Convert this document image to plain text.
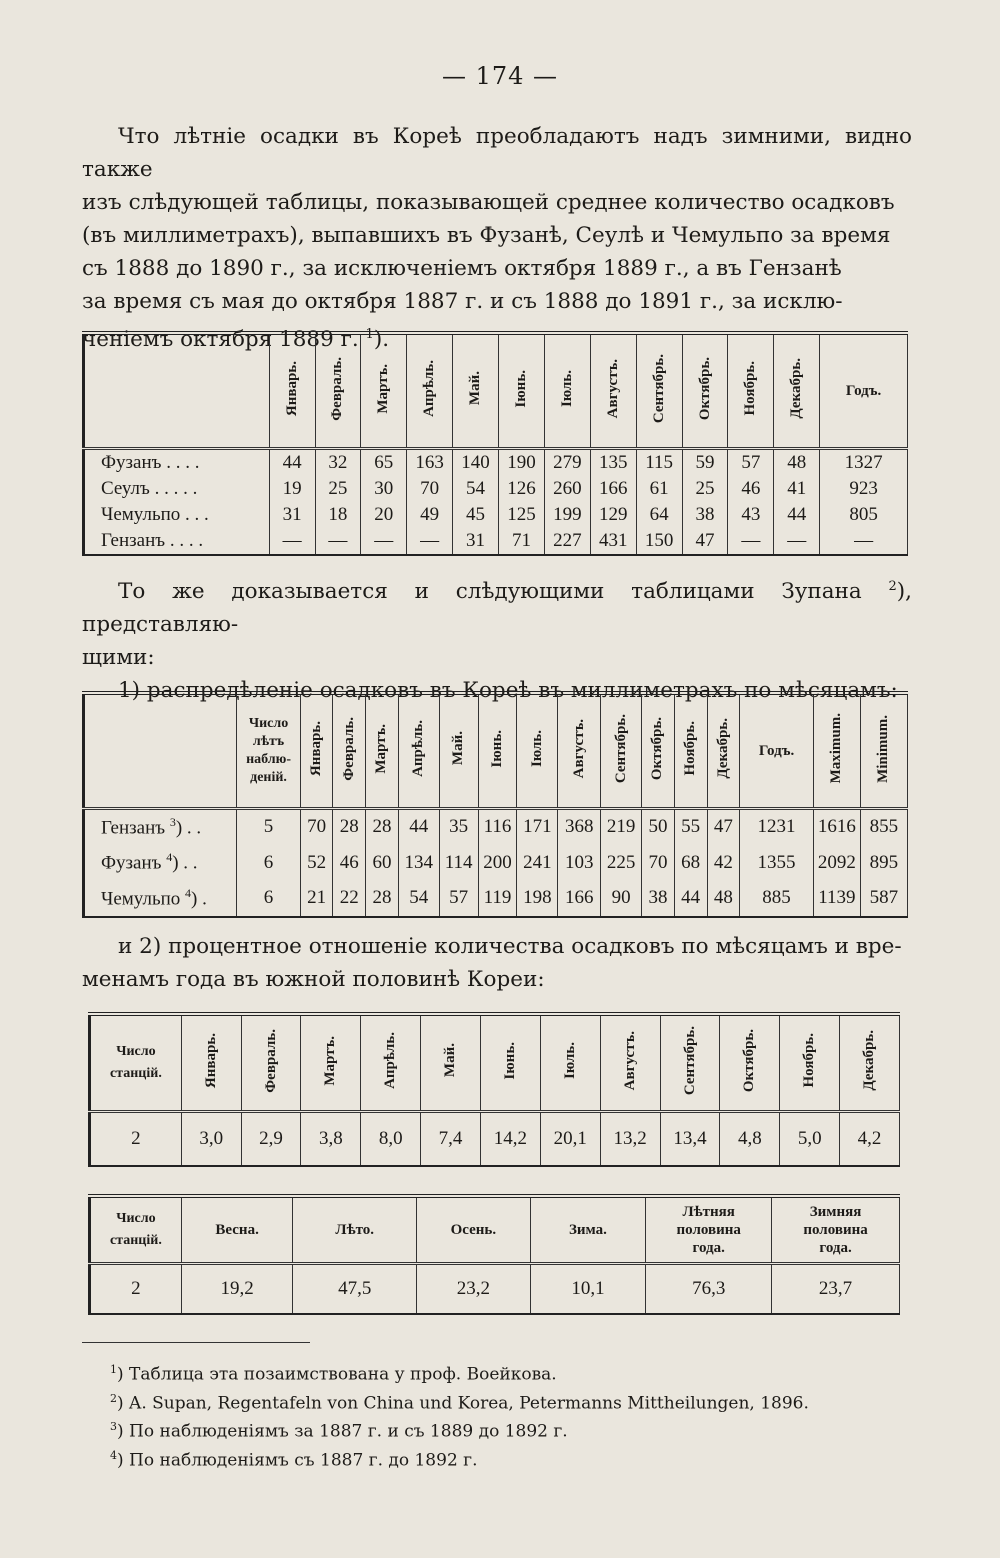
— 174 —
Что лѣтніе осадки въ Кореѣ преобладаютъ надъ зимними, видно также
изъ слѣдующей таблицы, показывающей среднее количество осадковъ
(въ миллиметрахъ), выпавшихъ въ Фузанѣ, Сеулѣ и Чемульпо за время
съ 1888 до 1890 г., за исключеніемъ октября 1889 г., а въ Гензанѣ
за время съ мая до октября 1887 г. и съ 1888 до 1891 г., за исклю-
ченіемъ октября 1889 г. $^1$).
	Январь.	Февраль.	Мартъ.	Апрѣль.	Май.	Іюнь.	Іюль.	Августъ.	Сентябрь.	Октябрь.	Ноябрь.	Декабрь.	Годъ.
Фузанъ . . . .	44	32	65	163	140	190	279	135	115	59	57	48	1327
Сеулъ . . . . .	19	25	30	70	54	126	260	166	61	25	46	41	923
Чемульпо . . .	31	18	20	49	45	125	199	129	64	38	43	44	805
Гензанъ . . . .	—	—	—	—	31	71	227	431	150	47	—	—	—
То же доказывается и слѣдующими таблицами Зупана $^2$), представляю-
щими:
1) распредѣленіе осадковъ въ Кореѣ въ миллиметрахъ по мѣсяцамъ:
	Число лѣтъ наблю-деній.	Январь.	Февраль.	Мартъ.	Апрѣль.	Май.	Іюнь.	Іюль.	Августъ.	Сентябрь.	Октябрь.	Ноябрь.	Декабрь.	Годъ.	Maximum.	Minimum.
Гензанъ $^3$) . .	5	70	28	28	44	35	116	171	368	219	50	55	47	1231	1616	855
Фузанъ $^4$) . .	6	52	46	60	134	114	200	241	103	225	70	68	42	1355	2092	895
Чемульпо $^4$) .	6	21	22	28	54	57	119	198	166	90	38	44	48	885	1139	587
и 2) процентное отношеніе количества осадковъ по мѣсяцамъ и вре-
менамъ года въ южной половинѣ Кореи:
Число станцій.	Январь.	Февраль.	Мартъ.	Апрѣль.	Май.	Іюнь.	Іюль.	Августъ.	Сентябрь.	Октябрь.	Ноябрь.	Декабрь.
2	3,0	2,9	3,8	8,0	7,4	14,2	20,1	13,2	13,4	4,8	5,0	4,2
Число станцій.	Весна.	Лѣто.	Осень.	Зима.	Лѣтняя половина года.	Зимняя половина года.
2	19,2	47,5	23,2	10,1	76,3	23,7
$^1$) Таблица эта позаимствована у проф. Воейкова.
$^2$) A. Supan, Regentafeln von China und Korea, Petermanns Mittheilungen, 1896.
$^3$) По наблюденіямъ за 1887 г. и съ 1889 до 1892 г.
$^4$) По наблюденіямъ съ 1887 г. до 1892 г.
